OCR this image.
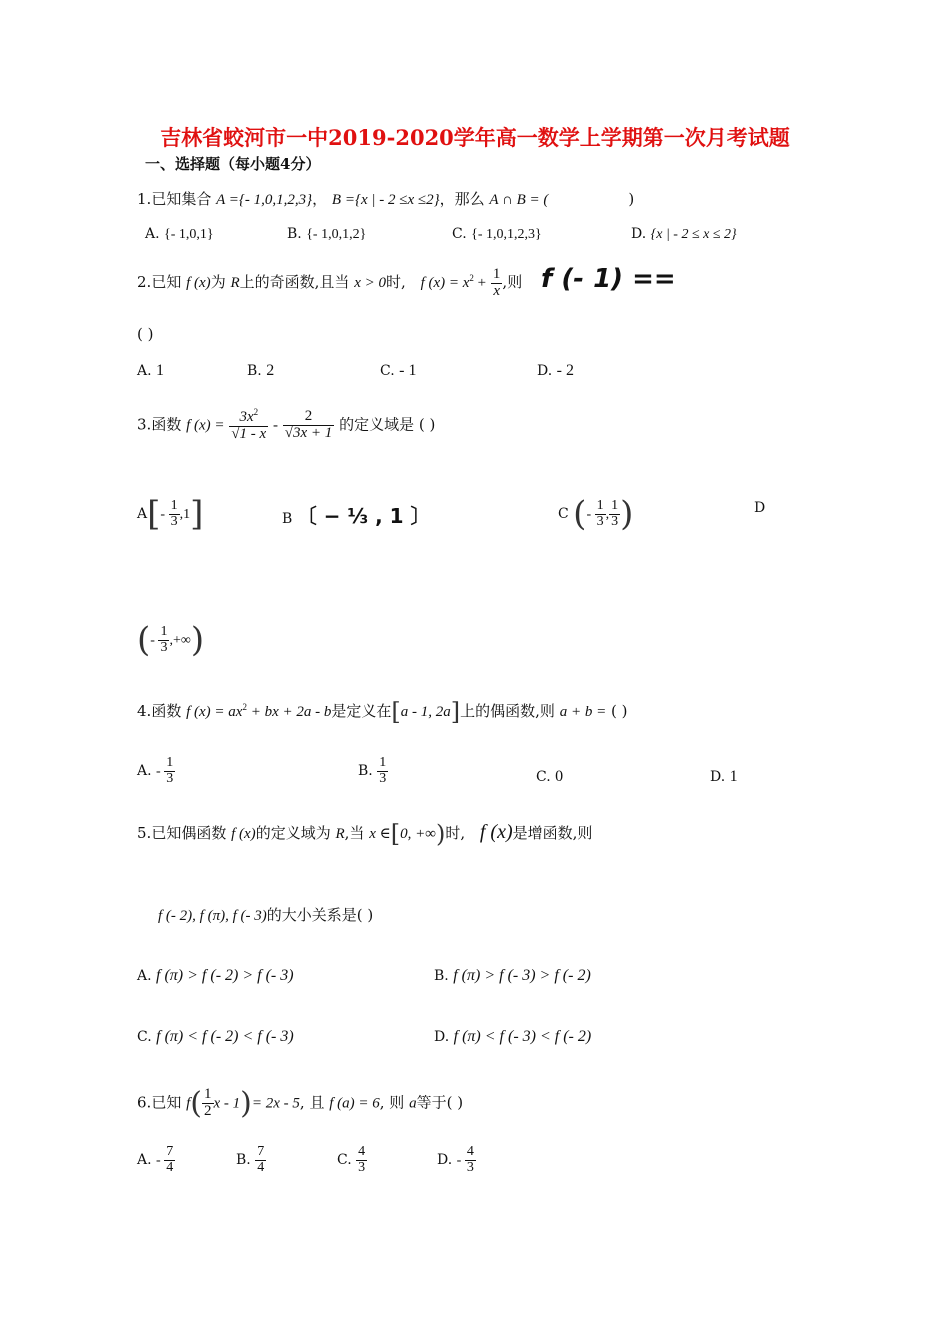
吉林省蛟河市一中2019-2020学年高一数学上学期第一次月考试题
一、选择题（每小题4分）
1.已知集合 A ={- 1,0,1,2,3}， B ={x | - 2 ≤x ≤2}，那么 A ∩ B = (	)
A. {- 1,0,1}	B. {- 1,0,1,2}	C. {- 1,0,1,2,3}	D. {x | - 2 ≤ x ≤ 2}
2.已知 f (x)为 R上的奇函数,且当 x > 0时, f $(x) = x^2 + \frac{1}{x}$ ,则 f (- 1) ==
( )
A. 1	B. 2	C. - 1	D. - 2
3.函数 f $(x) = \frac{3x^2}{√1 - x} - \frac{2}{√3x + 1}$ 的定义域是 ( )
$A[- \frac{1}{3} ,1]$	B 〔 − ⅓ , 1 〕	C (- $\frac{1}{3}$ , $\frac{1}{3}$ )	D
(- $\frac{1}{3}$ ,+∞)
4.函数 f $(x) = ax^2$ + bx + 2a - b是定义在[a - 1, 2a]上的偶函数,则 a + b = ( )
A. - $\frac{1}{3}$	B. $\frac{1}{3}$	C. 0	D. 1
5.已知偶函数 f (x)的定义域为 R,当 x ∈[0, +∞)时, f (x)是增函数,则
f (- 2), f (π), f (- 3)的大小关系是( )
A. f (π) > f (- 2) > f (- 3)	B. f (π) > f (- 3) > f (- 2)
C. f (π) < f (- 2) < f (- 3)	D. f (π) < f (- 3) < f (- 2)
6.已知 $f( \frac{1}{2}$ x - 1)= 2x - 5, 且 f (a) = 6, 则 a等于( )
A. - $\frac{7}{4}$	B. $\frac{7}{4}$	C. $\frac{4}{3}$	D. - $\frac{4}{3}$
